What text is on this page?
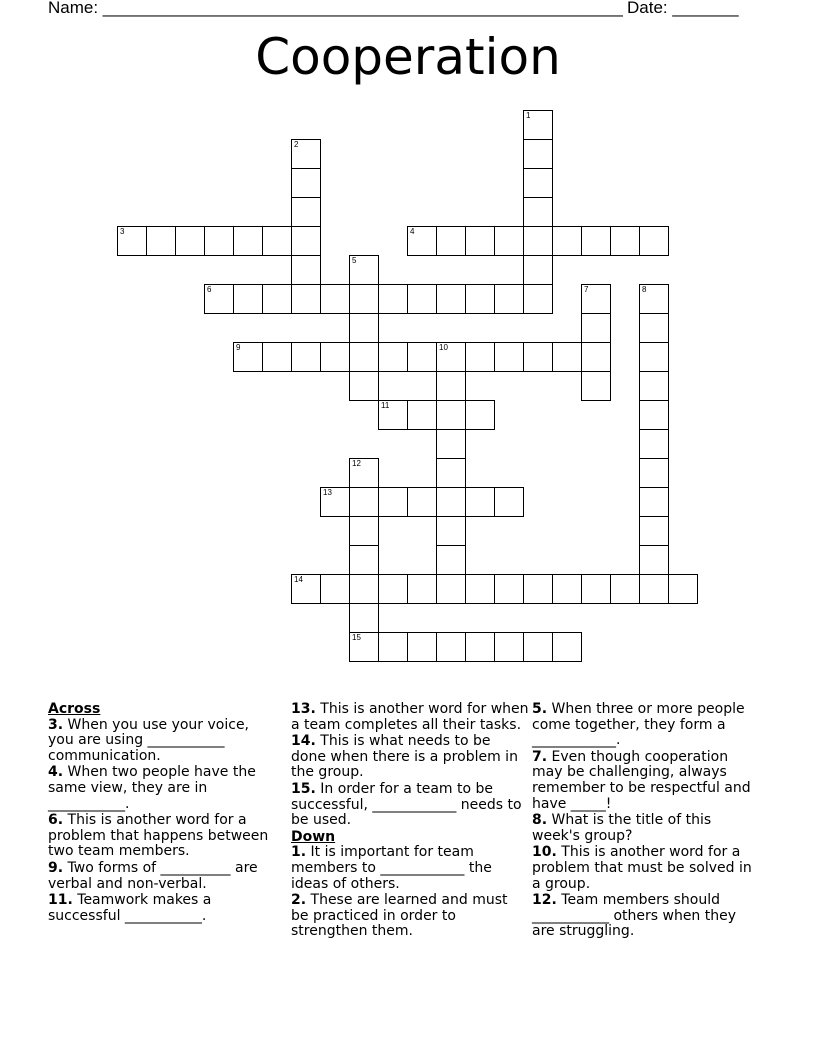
Name: _______________________________________________________ Date: _______
Cooperation
1
2
3	4
5
6	7	8
9	10
11
12
15
13
14

Across

3. When you use your voice, you are using ___________ communication.

4. When two people have the same view, they are in ___________.

6. This is another word for a problem that happens between two team members.

9. Two forms of __________ are verbal and non-verbal.

11. Teamwork makes a successful ___________.

13. This is another word for when a team completes all their tasks.

14. This is what needs to be done when there is a problem in the group.

15. In order for a team to be successful, ____________ needs to be used.

Down

1. It is important for team members to ____________ the ideas of others.

2. These are learned and must be practiced in order to strengthen them.

5. When three or more people come together, they form a ____________.

7. Even though cooperation may be challenging, always remember to be respectful and have _____!

8. What is the title of this week's group?

10. This is another word for a problem that must be solved in a group.

12. Team members should ___________ others when they are struggling.
